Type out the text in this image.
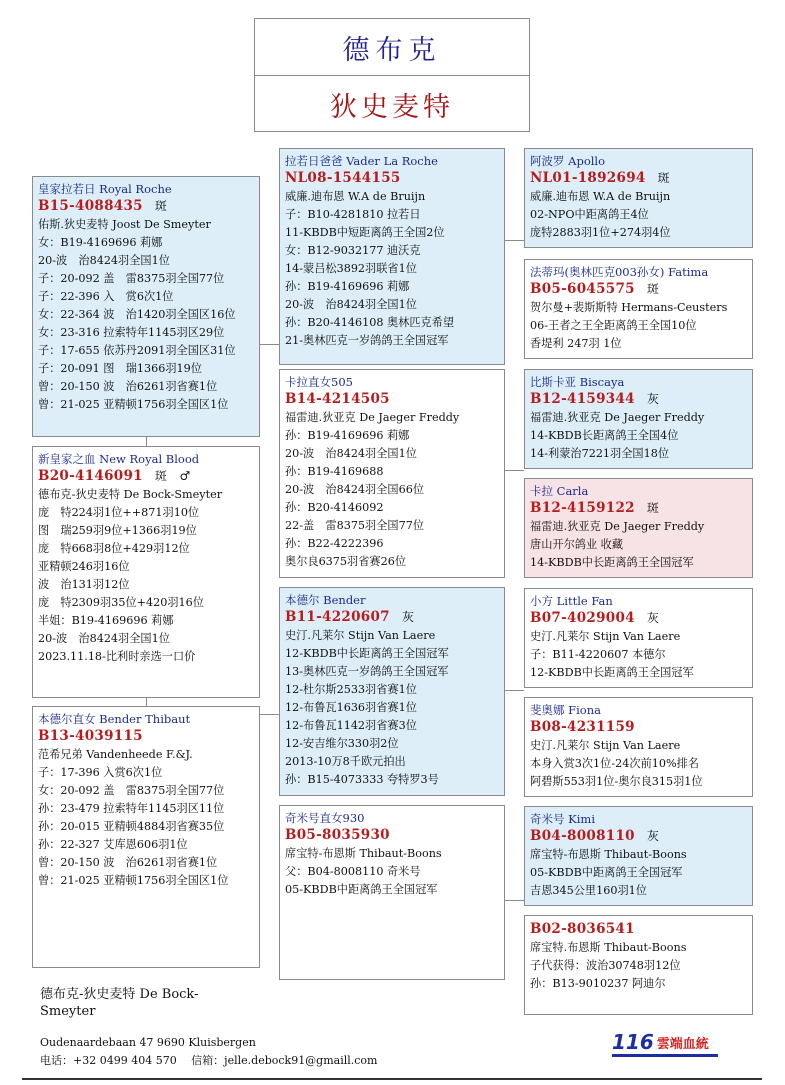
德布克
狄史麦特
皇家拉若日 Royal Roche
B15-4088435 斑
佑斯.狄史麦特 Joost De Smeyter
女：B19-4169696 莉娜
20-波　治8424羽全国1位
子：20-092 盖　雷8375羽全国77位
子：22-396 入　赏6次1位
女：22-364 波　治1420羽全国区16位
女：23-316 拉索特年1145羽区29位
子：17-655 依苏丹2091羽全国区31位
子：20-091 图　瑞1366羽19位
曾：20-150 波　治6261羽省赛1位
曾：21-025 亚精顿1756羽全国区1位
新皇家之血 New Royal Blood
B20-4146091 斑　♂
德布克-狄史麦特 De Bock-Smeyter
庞　特224羽1位++871羽10位
图　瑞259羽9位+1366羽19位
庞　特668羽8位+429羽12位
亚精顿246羽16位
波　治131羽12位
庞　特2309羽35位+420羽16位
半姐：B19-4169696 莉娜
20-波　治8424羽全国1位
2023.11.18-比利时亲选一口价
本德尔直女 Bender Thibaut
B13-4039115
范希兄弟 Vandenheede F.&J.
子：17-396 入赏6次1位
女：20-092 盖　雷8375羽全国77位
孙：23-479 拉索特年1145羽区11位
孙：20-015 亚精顿4884羽省赛35位
孙：22-327 艾库恩606羽1位
曾：20-150 波　治6261羽省赛1位
曾：21-025 亚精顿1756羽全国区1位
拉若日爸爸 Vader La Roche
NL08-1544155
威廉.迪布恩 W.A de Bruijn
子：B10-4281810 拉若日
11-KBDB中短距离鸽王全国2位
女：B12-9032177 迪沃克
14-蒙吕松3892羽联省1位
孙：B19-4169696 莉娜
20-波　治8424羽全国1位
孙：B20-4146108 奥林匹克希望
21-奥林匹克一岁鸽鸽王全国冠军
卡拉直女505
B14-4214505
福雷迪.狄亚克 De Jaeger Freddy
孙：B19-4169696 莉娜
20-波　治8424羽全国1位
孙：B19-4169688
20-波　治8424羽全国66位
孙：B20-4146092
22-盖　雷8375羽全国77位
孙：B22-4222396
奥尔良6375羽省赛26位
本德尔 Bender
B11-4220607 灰
史汀.凡莱尔 Stijn Van Laere
12-KBDB中长距离鸽王全国冠军
13-奥林匹克一岁鸽鸽王全国冠军
12-杜尔斯2533羽省赛1位
12-布鲁瓦1636羽省赛1位
12-布鲁瓦1142羽省赛3位
12-安吉维尔330羽2位
2013-10万8千欧元拍出
孙：B15-4073333 夸特罗3号
奇米号直女930
B05-8035930
席宝特-布恩斯 Thibaut-Boons
父：B04-8008110 奇米号
05-KBDB中距离鸽王全国冠军
阿波罗 Apollo
NL01-1892694 斑
威廉.迪布恩 W.A de Bruijn
02-NPO中距离鸽王4位
庞特2883羽1位+274羽4位
法蒂玛(奥林匹克003孙女) Fatima
B05-6045575 斑
贺尔曼+裴斯斯特 Hermans-Ceusters
06-王者之王全距离鸽王全国10位
香堤利 247羽 1位
比斯卡亚 Biscaya
B12-4159344 灰
福雷迪.狄亚克 De Jaeger Freddy
14-KBDB长距离鸽王全国4位
14-利蒙治7221羽全国18位
卡拉 Carla
B12-4159122 斑
福雷迪.狄亚克 De Jaeger Freddy
唐山开尔鸽业 收藏
14-KBDB中长距离鸽王全国冠军
小方 Little Fan
B07-4029004 灰
史汀.凡莱尔 Stijn Van Laere
子：B11-4220607 本德尔
12-KBDB中长距离鸽王全国冠军
斐奥娜 Fiona
B08-4231159
史汀.凡莱尔 Stijn Van Laere
本身入赏3次1位-24次前10%排名
阿碧斯553羽1位-奥尔良315羽1位
奇米号 Kimi
B04-8008110 灰
席宝特-布恩斯 Thibaut-Boons
05-KBDB中距离鸽王全国冠军
吉恩345公里160羽1位
B02-8036541
席宝特.布恩斯 Thibaut-Boons
子代获得：波治30748羽12位
孙：B13-9010237 阿迪尔
德布克-狄史麦特 De Bock-Smeyter
Oudenaardebaan 47 9690 Kluisbergen
电话：+32 0499 404 570　 信箱：jelle.debock91@gmaill.com
116 雲端血統
